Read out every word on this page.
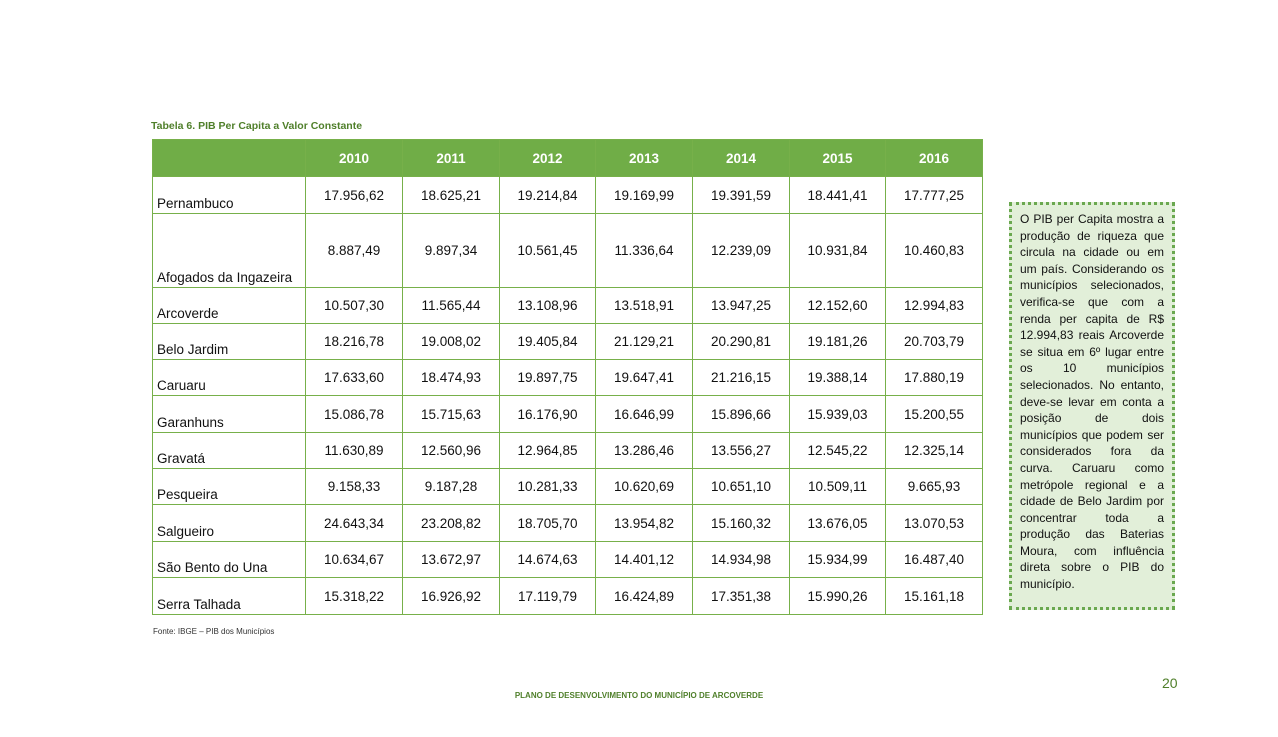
Tabela 6. PIB Per Capita a Valor Constante
	2010	2011	2012	2013	2014	2015	2016
Pernambuco	17.956,62	18.625,21	19.214,84	19.169,99	19.391,59	18.441,41	17.777,25
Afogados da Ingazeira	8.887,49	9.897,34	10.561,45	11.336,64	12.239,09	10.931,84	10.460,83
Arcoverde	10.507,30	11.565,44	13.108,96	13.518,91	13.947,25	12.152,60	12.994,83
Belo Jardim	18.216,78	19.008,02	19.405,84	21.129,21	20.290,81	19.181,26	20.703,79
Caruaru	17.633,60	18.474,93	19.897,75	19.647,41	21.216,15	19.388,14	17.880,19
Garanhuns	15.086,78	15.715,63	16.176,90	16.646,99	15.896,66	15.939,03	15.200,55
Gravatá	11.630,89	12.560,96	12.964,85	13.286,46	13.556,27	12.545,22	12.325,14
Pesqueira	9.158,33	9.187,28	10.281,33	10.620,69	10.651,10	10.509,11	9.665,93
Salgueiro	24.643,34	23.208,82	18.705,70	13.954,82	15.160,32	13.676,05	13.070,53
São Bento do Una	10.634,67	13.672,97	14.674,63	14.401,12	14.934,98	15.934,99	16.487,40
Serra Talhada	15.318,22	16.926,92	17.119,79	16.424,89	17.351,38	15.990,26	15.161,18
Fonte: IBGE – PIB dos Municípios
O PIB per Capita mostra a produção de riqueza que circula na cidade ou em um país. Considerando os municípios selecionados, verifica-se que com a renda per capita de R$ 12.994,83 reais Arcoverde se situa em 6º lugar entre os 10 municípios selecionados. No entanto, deve-se levar em conta a posição de dois municípios que podem ser considerados fora da curva. Caruaru como metrópole regional e a cidade de Belo Jardim por concentrar toda a produção das Baterias Moura, com influência direta sobre o PIB do município.
20
PLANO DE DESENVOLVIMENTO DO MUNICÍPIO DE ARCOVERDE
